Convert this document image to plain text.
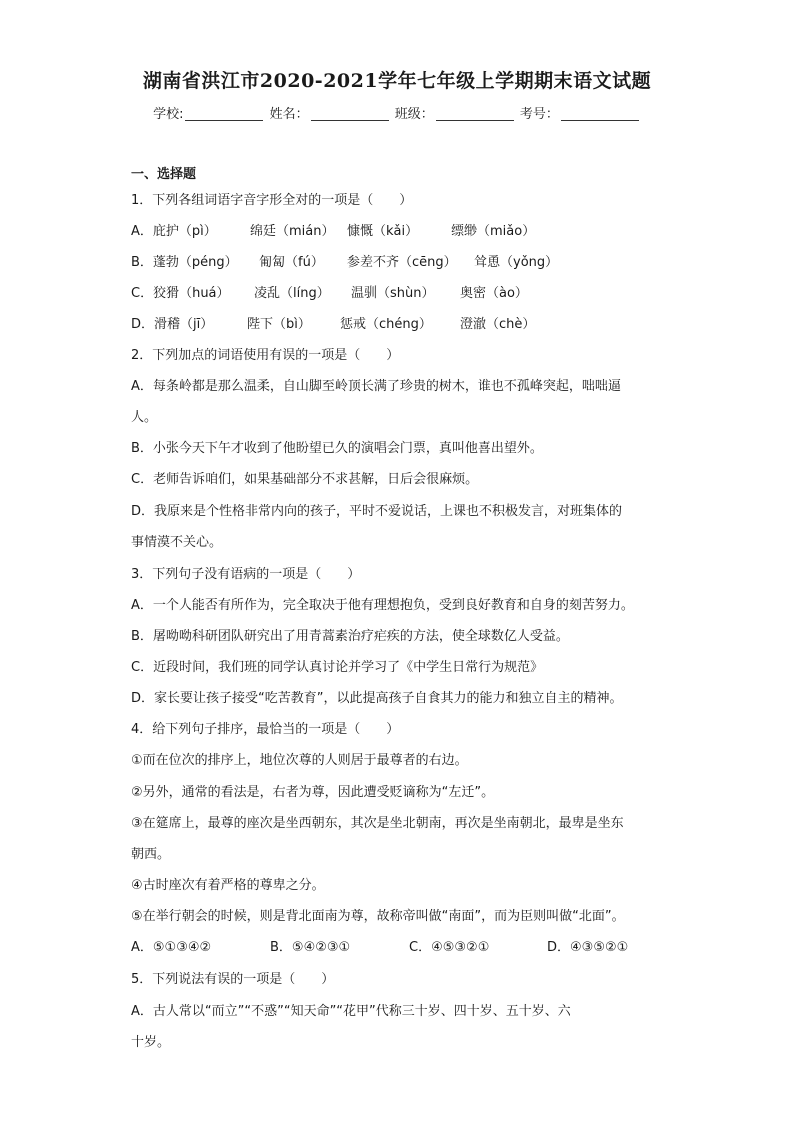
湖南省洪江市2020-2021学年七年级上学期期末语文试题
学校:	姓名：	班级：	考号：
一、选择题
1．下列各组词语字音字形全对的一项是（　　）
A．庇护（pì）	绵廷（mián） 慷慨（kǎi）	缥缈（miǎo）
B．蓬勃（péng） 匍匐（fú） 参差不齐（cēng） 耸恿（yǒng）
C．狡猾（huá） 凌乱（líng） 温驯（shùn） 奥密（ào）
D．滑稽（jī）	陛下（bì） 惩戒（chéng） 澄澈（chè）
2．下列加点的词语使用有误的一项是（　　）
A．每条岭都是那么温柔，自山脚至岭顶长满了珍贵的树木，谁也不孤峰突起，咄咄逼
人。
B．小张今天下午才收到了他盼望已久的演唱会门票，真叫他喜出望外。
C．老师告诉咱们，如果基础部分不求甚解，日后会很麻烦。
D．我原来是个性格非常内向的孩子，平时不爱说话，上课也不积极发言，对班集体的
事情漠不关心。
3．下列句子没有语病的一项是（　　）
A．一个人能否有所作为，完全取决于他有理想抱负，受到良好教育和自身的刻苦努力。
B．屠呦呦科研团队研究出了用青蒿素治疗疟疾的方法，使全球数亿人受益。
C．近段时间，我们班的同学认真讨论并学习了《中学生日常行为规范》
D．家长要让孩子接受“吃苦教育”，以此提高孩子自食其力的能力和独立自主的精神。
4．给下列句子排序，最恰当的一项是（　　）
①而在位次的排序上，地位次尊的人则居于最尊者的右边。
②另外，通常的看法是，右者为尊，因此遭受贬谪称为“左迁”。
③在筵席上，最尊的座次是坐西朝东，其次是坐北朝南，再次是坐南朝北，最卑是坐东
朝西。
④古时座次有着严格的尊卑之分。
⑤在举行朝会的时候，则是背北面南为尊，故称帝叫做“南面”，而为臣则叫做“北面”。
A．⑤①③④②	B．⑤④②③①	C．④⑤③②①	D．④③⑤②①
5．下列说法有误的一项是（　　）
A．古人常以“而立”“不惑”“知天命”“花甲”代称三十岁、四十岁、五十岁、六
十岁。
